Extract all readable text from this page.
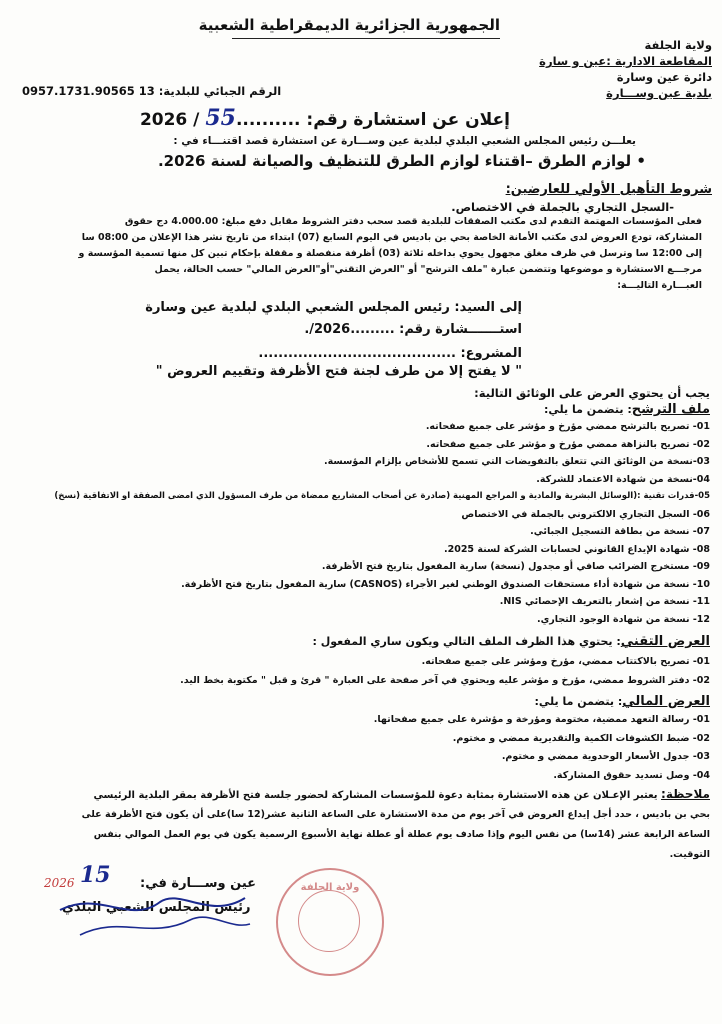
الجمهورية الجزائرية الديمقراطية الشعبية
ولاية الجلفة
المقاطعة الادارية :عين و سارة
دائرة عين وسارة
بلدية عين وســـارة
الرقم الجبائي للبلدية: 13 0957.1731.90565
إعلان عن استشارة رقم: ..........55 2026 /
يعلـــن رئيس المجلس الشعبي البلدي لبلدية عين وســـارة عن استشارة قصد اقتنـــاء في :
• لوازم الطرق –اقتناء لوازم الطرق للتنظيف والصيانة لسنة 2026.
شروط التأهيل الأولي للعارضين:
-السجل التجاري بالجملة في الاختصاص.
فعلى المؤسسات المهتمة التقدم لدى مكتب الصفقات للبلدية قصد سحب دفتر الشروط مقابل دفع مبلغ: 4.000.00 دج حقوق
المشاركة، تودع العروض لدى مكتب الأمانة الخاصة بحي بن باديس في اليوم السابع (07) ابتداء من تاريخ نشر هذا الإعلان من 08:00 سا
إلى 12:00 سا وترسل في ظرف مغلق مجهول يحوي بداخله ثلاثة (03) أظرفة منفصلة و مقفلة بإحكام تبين كل منها تسمية المؤسسة و
مرجـــع الاستشارة و موضوعها وتتضمن عبارة "ملف الترشح" أو "العرض التقني"أو"العرض المالي" حسب الحالة، يحمل
العبـــارة التاليـــة:
إلى السيد: رئيس المجلس الشعبي البلدي لبلدية عين وسارة
استـــــــشارة رقم: .........2026/.
المشروع: ........................................
" لا يفتح إلا من طرف لجنة فتح الأظرفة وتقييم العروض "
يجب أن يحتوي العرض على الوثائق التالية:
ملف الترشح: يتضمن ما يلي:
01- تصريح بالترشح ممضي مؤرخ و مؤشر على جميع صفحاته.
02- تصريح بالنزاهة ممضي مؤرخ و مؤشر على جميع صفحاته.
03-نسخة من الوثائق التي تتعلق بالتفويضات التي تسمح للأشخاص بإلزام المؤسسة.
04-نسخة من شهادة الاعتماد للشركة.
05-قدرات تقنية :(الوسائل البشرية والمادية و المراجع المهنية (صادرة عن أصحاب المشاريع ممضاة من طرف المسؤول الذي امضى الصفقة او الاتفاقية (نسخ)
06- السجل التجاري الالكتروني بالجملة في الاختصاص
07- نسخة من بطاقة التسجيل الجبائي.
08- شهادة الإيداع القانوني لحسابات الشركة لسنة 2025.
09- مستخرج الضرائب صافي أو مجدول (نسخة) سارية المفعول بتاريخ فتح الأظرفة.
10- نسخة من شهادة أداء مستحقات الصندوق الوطني لغير الأجراء (CASNOS) سارية المفعول بتاريخ فتح الأظرفة.
11- نسخة من إشعار بالتعريف الإحصائي NIS.
12- نسخة من شهادة الوجود التجاري.
العرض التقني: يحتوي هذا الظرف الملف التالي ويكون ساري المفعول :
01- تصريح بالاكتتاب ممضي، مؤرخ ومؤشر على جميع صفحاته.
02- دفتر الشروط ممضي، مؤرخ و مؤشر عليه ويحتوي في آخر صفحة على العبارة " قرئ و قبل " مكتوبة بخط اليد.
العرض المالي: يتضمن ما يلي:
01- رسالة التعهد ممضية، مختومة ومؤرخة و مؤشرة على جميع صفحاتها.
02- ضبط الكشوفات الكمية والتقديرية ممضي و مختوم.
03- جدول الأسعار الوحدوية ممضي و مختوم.
04- وصل تسديد حقوق المشاركة.
ملاحظة: يعتبر الإعـلان عن هذه الاستشارة بمثابة دعوة للمؤسسات المشاركة لحضور جلسة فتح الأظرفة بمقر البلدية الرئيسي
بحي بن باديس ، حدد أجل إيداع العروض في آخر يوم من مدة الاستشارة على الساعة الثانية عشر(12 سا)على أن يكون فتح الأظرفة على
الساعة الرابعة عشر (14سا) من نفس اليوم وإذا صادف يوم عطلة أو عطلة نهاية الأسبوع الرسمية يكون في يوم العمل الموالي بنفس
التوقيت.
عين وســـارة في:
15
2026
رئيس المجلس الشعبي البلدي
ولاية الجلفة
